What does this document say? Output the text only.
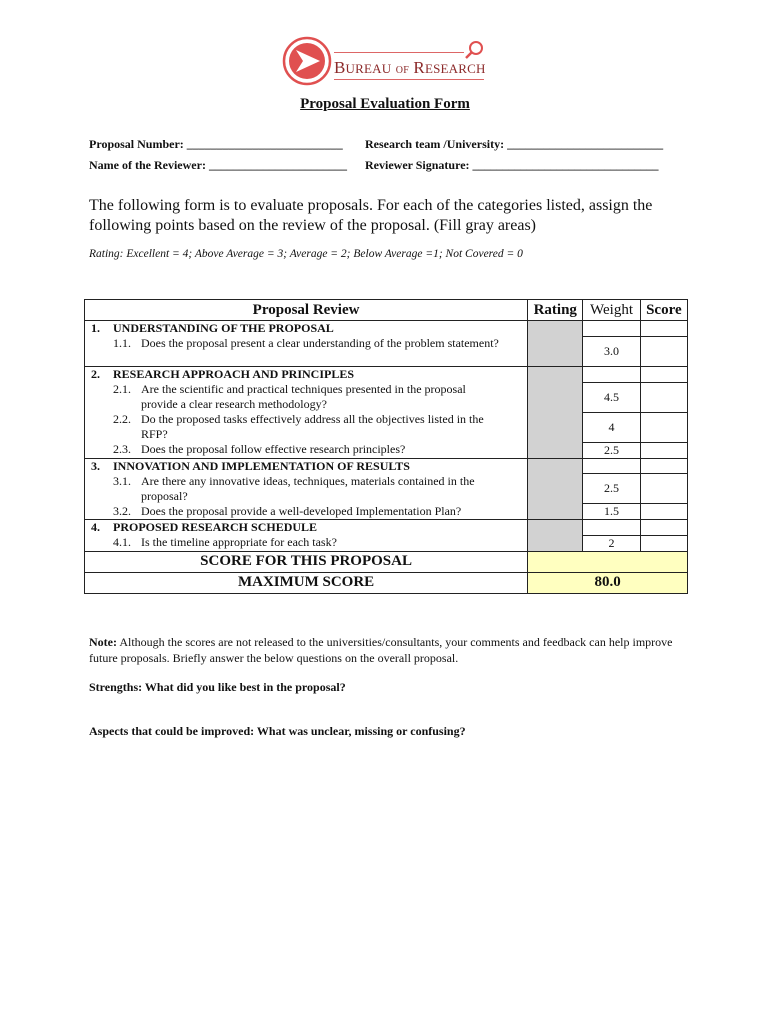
BUREAU OF RESEARCH
Proposal Evaluation Form
Proposal Number: __________________________ Research team /University: __________________________
Name of the Reviewer: _______________________ Reviewer Signature: _______________________________
The following form is to evaluate proposals. For each of the categories listed, assign the following points based on the review of the proposal. (Fill gray areas)
Rating: Excellent = 4; Above Average = 3; Average = 2; Below Average =1; Not Covered = 0
Proposal Review	Rating	Weight	Score
1. UNDERSTANDING OF THE PROPOSAL			
1.1. Does the proposal present a clear understanding of the problem statement?		3.0	
2. RESEARCH APPROACH AND PRINCIPLES			
2.1. Are the scientific and practical techniques presented in the proposal provide a clear research methodology?		4.5	
2.2. Do the proposed tasks effectively address all the objectives listed in the RFP?		4	
2.3. Does the proposal follow effective research principles?		2.5	
3. INNOVATION AND IMPLEMENTATION OF RESULTS			
3.1. Are there any innovative ideas, techniques, materials contained in the proposal?		2.5	
3.2. Does the proposal provide a well-developed Implementation Plan?		1.5	
4. PROPOSED RESEARCH SCHEDULE			
4.1. Is the timeline appropriate for each task?		2	
SCORE FOR THIS PROPOSAL			
MAXIMUM SCORE	80.0		
Note: Although the scores are not released to the universities/consultants, your comments and feedback can help improve future proposals. Briefly answer the below questions on the overall proposal.
Strengths: What did you like best in the proposal?
Aspects that could be improved: What was unclear, missing or confusing?
